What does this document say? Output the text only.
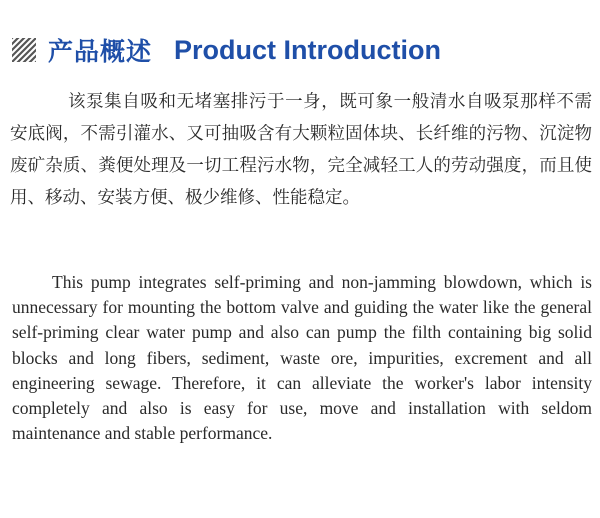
产品概述 Product Introduction

该泵集自吸和无堵塞排污于一身，既可象一般清水自吸泵那样不需安底阀，不需引灌水、又可抽吸含有大颗粒固体块、长纤维的污物、沉淀物废矿杂质、粪便处理及一切工程污水物，完全减轻工人的劳动强度，而且使用、移动、安装方便、极少维修、性能稳定。

This pump integrates self-priming and non-jamming blowdown, which is unnecessary for mounting the bottom valve and guiding the water like the general self-priming clear water pump and also can pump the filth containing big solid blocks and long fibers, sediment, waste ore, impurities, excrement and all engineering sewage. Therefore, it can alleviate the worker's labor intensity completely and also is easy for use, move and installation with seldom maintenance and stable performance.
